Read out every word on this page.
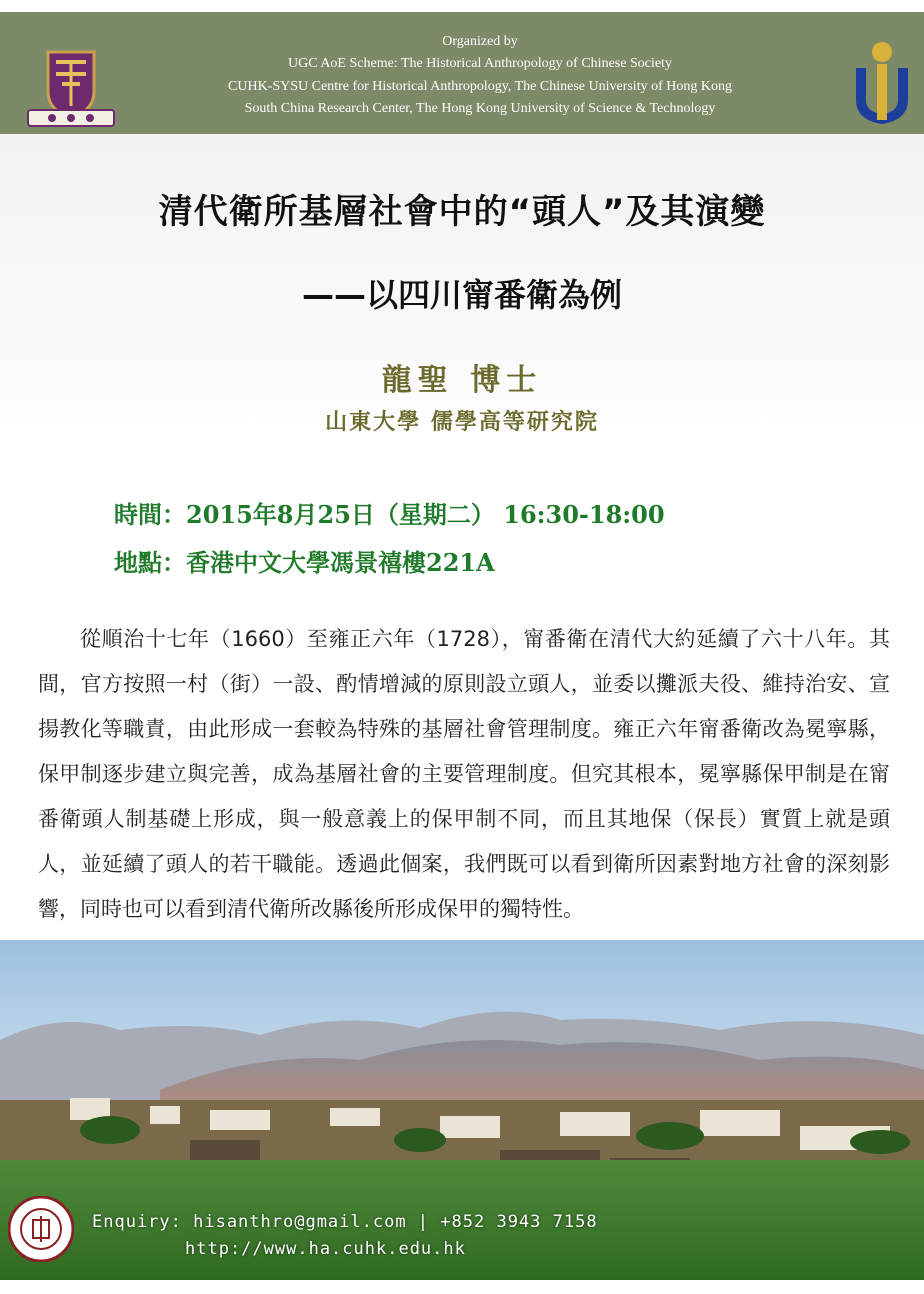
Organized by
UGC AoE Scheme: The Historical Anthropology of Chinese Society
CUHK-SYSU Centre for Historical Anthropology, The Chinese University of Hong Kong
South China Research Center, The Hong Kong University of Science & Technology
清代衛所基層社會中的“頭人”及其演變
——以四川甯番衛為例
龍聖 博士
山東大學 儒學高等研究院
時間：2015年8月25日（星期二） 16:30-18:00
地點：香港中文大學馮景禧樓221A
從順治十七年（1660）至雍正六年（1728），甯番衛在清代大約延續了六十八年。其間，官方按照一村（街）一設、酌情增減的原則設立頭人，並委以攤派夫役、維持治安、宣揚教化等職責，由此形成一套較為特殊的基層社會管理制度。雍正六年甯番衛改為冕寧縣，保甲制逐步建立與完善，成為基層社會的主要管理制度。但究其根本，冕寧縣保甲制是在甯番衛頭人制基礎上形成，與一般意義上的保甲制不同，而且其地保（保長）實質上就是頭人，並延續了頭人的若干職能。透過此個案，我們既可以看到衛所因素對地方社會的深刻影響，同時也可以看到清代衛所改縣後所形成保甲的獨特性。
Enquiry: hisanthro@gmail.com | +852 3943 7158
http://www.ha.cuhk.edu.hk
